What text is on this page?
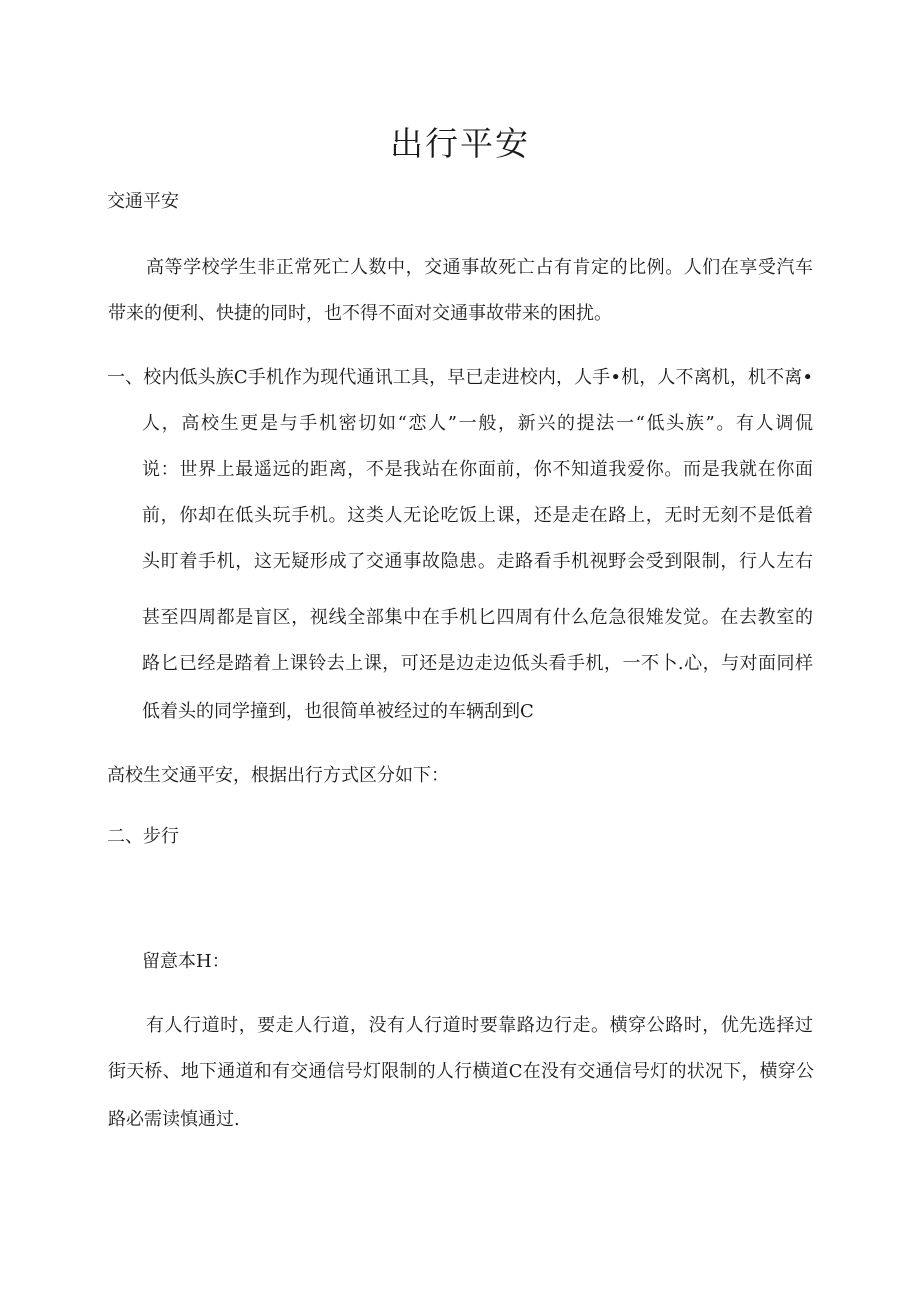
出行平安

交通平安

高等学校学生非正常死亡人数中，交通事故死亡占有肯定的比例。人们在享受汽车

带来的便利、快捷的同时，也不得不面对交通事故带来的困扰。

一、校内低头族C手机作为现代通讯工具，早已走进校内，人手•机，人不离机，机不离•

人，高校生更是与手机密切如“恋人”一般，新兴的提法一“低头族”。有人调侃

说：世界上最遥远的距离，不是我站在你面前，你不知道我爱你。而是我就在你面

前，你却在低头玩手机。这类人无论吃饭上课，还是走在路上，无时无刻不是低着

头盯着手机，这无疑形成了交通事故隐患。走路看手机视野会受到限制，行人左右

甚至四周都是盲区，视线全部集中在手机匕四周有什么危急很雉发觉。在去教室的

路匕已经是踏着上课铃去上课，可还是边走边低头看手机，一不卜.心，与对面同样

低着头的同学撞到，也很简单被经过的车辆刮到C

高校生交通平安，根据出行方式区分如下：

二、步行

留意本H：

有人行道时，要走人行道，没有人行道时要靠路边行走。横穿公路时，优先选择过

街天桥、地下通道和有交通信号灯限制的人行横道C在没有交通信号灯的状况下，横穿公

路必需读慎通过.
